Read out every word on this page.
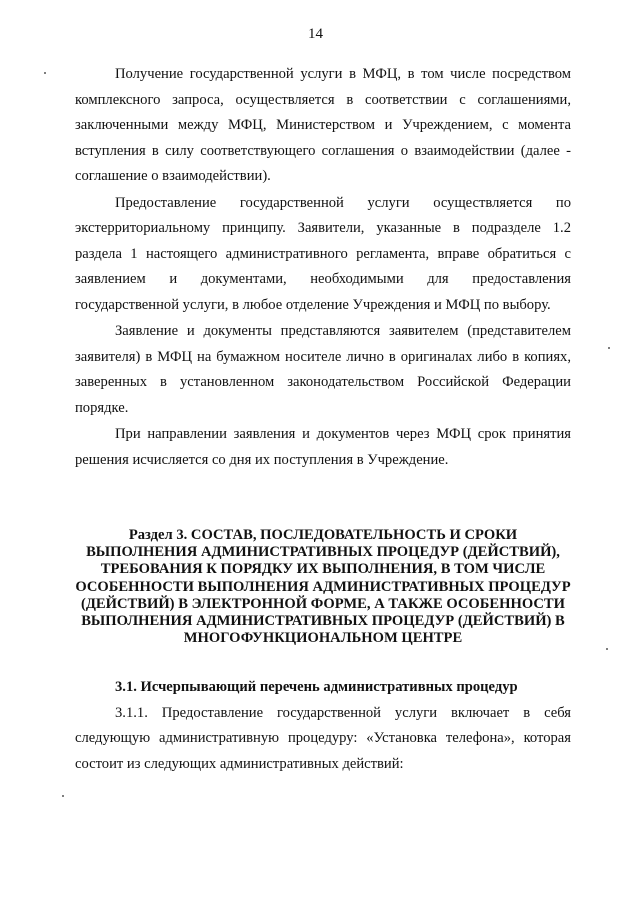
14

Получение государственной услуги в МФЦ, в том числе посредством комплексного запроса, осуществляется в соответствии с соглашениями, заключенными между МФЦ, Министерством и Учреждением, с момента вступления в силу соответствующего соглашения о взаимодействии (далее - соглашение о взаимодействии).

Предоставление государственной услуги осуществляется по экстерриториальному принципу. Заявители, указанные в подразделе 1.2 раздела 1 настоящего административного регламента, вправе обратиться с заявлением и документами, необходимыми для предоставления государственной услуги, в любое отделение Учреждения и МФЦ по выбору.

Заявление и документы представляются заявителем (представителем заявителя) в МФЦ на бумажном носителе лично в оригиналах либо в копиях, заверенных в установленном законодательством Российской Федерации порядке.

При направлении заявления и документов через МФЦ срок принятия решения исчисляется со дня их поступления в Учреждение.

Раздел 3. СОСТАВ, ПОСЛЕДОВАТЕЛЬНОСТЬ И СРОКИ ВЫПОЛНЕНИЯ АДМИНИСТРАТИВНЫХ ПРОЦЕДУР (ДЕЙСТВИЙ), ТРЕБОВАНИЯ К ПОРЯДКУ ИХ ВЫПОЛНЕНИЯ, В ТОМ ЧИСЛЕ ОСОБЕННОСТИ ВЫПОЛНЕНИЯ АДМИНИСТРАТИВНЫХ ПРОЦЕДУР (ДЕЙСТВИЙ) В ЭЛЕКТРОННОЙ ФОРМЕ, А ТАКЖЕ ОСОБЕННОСТИ ВЫПОЛНЕНИЯ АДМИНИСТРАТИВНЫХ ПРОЦЕДУР (ДЕЙСТВИЙ) В МНОГОФУНКЦИОНАЛЬНОМ ЦЕНТРЕ

3.1. Исчерпывающий перечень административных процедур

3.1.1. Предоставление государственной услуги включает в себя следующую административную процедуру: «Установка телефона», которая состоит из следующих административных действий:
